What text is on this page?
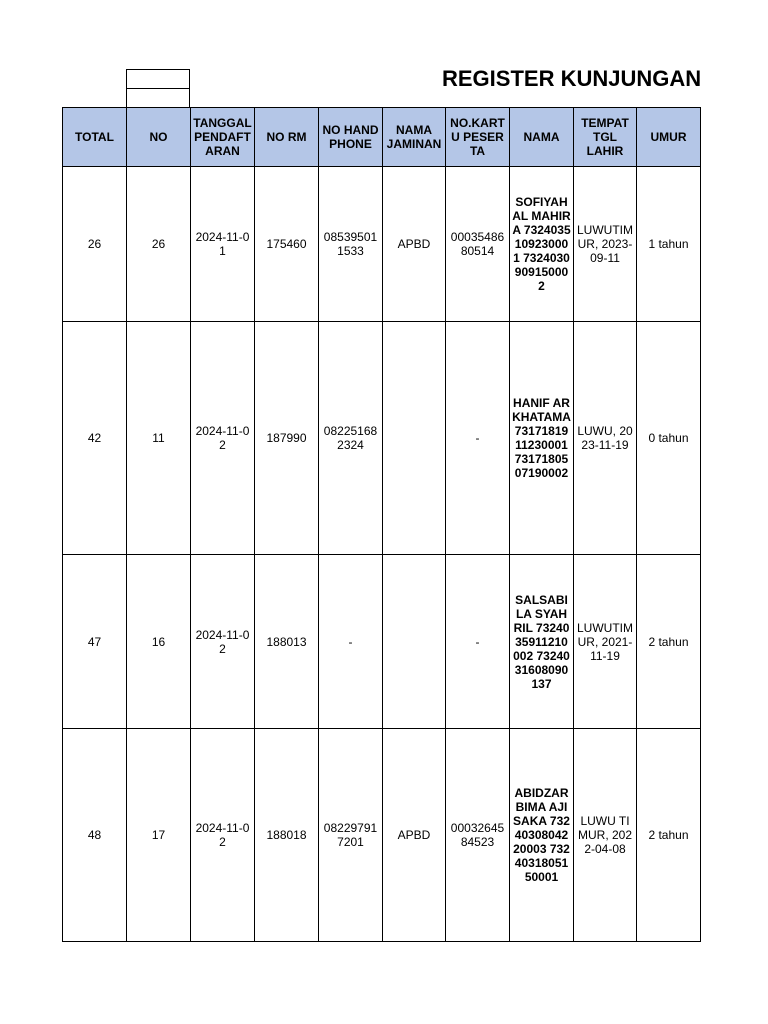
REGISTER KUNJUNGAN
TOTAL	NO	TANGGAL PENDAFTARAN	NO RM	NO HANDPHONE	NAMA JAMINAN	NO.KARTU PESERTA	NAMA	TEMPAT TGL LAHIR	UMUR
26	26	2024-11-01	175460	085395011533	APBD	0003548680514	SOFIYAH AL MAHIRA 7324035109230001 7324030909150002	LUWUTIMUR, 2023-09-11	1 tahun
42	11	2024-11-02	187990	082251682324		-	HANIF ARKHATAMA 7317181911230001 7317180507190002	LUWU, 2023-11-19	0 tahun
47	16	2024-11-02	188013	-		-	SALSABILA SYAHRIL 7324035911210002 7324031608090137	LUWUTIMUR, 2021-11-19	2 tahun
48	17	2024-11-02	188018	082297917201	APBD	0003264584523	ABIDZAR BIMA AJISAKA 7324030804220003 7324031805150001	LUWU TIMUR, 2022-04-08	2 tahun
